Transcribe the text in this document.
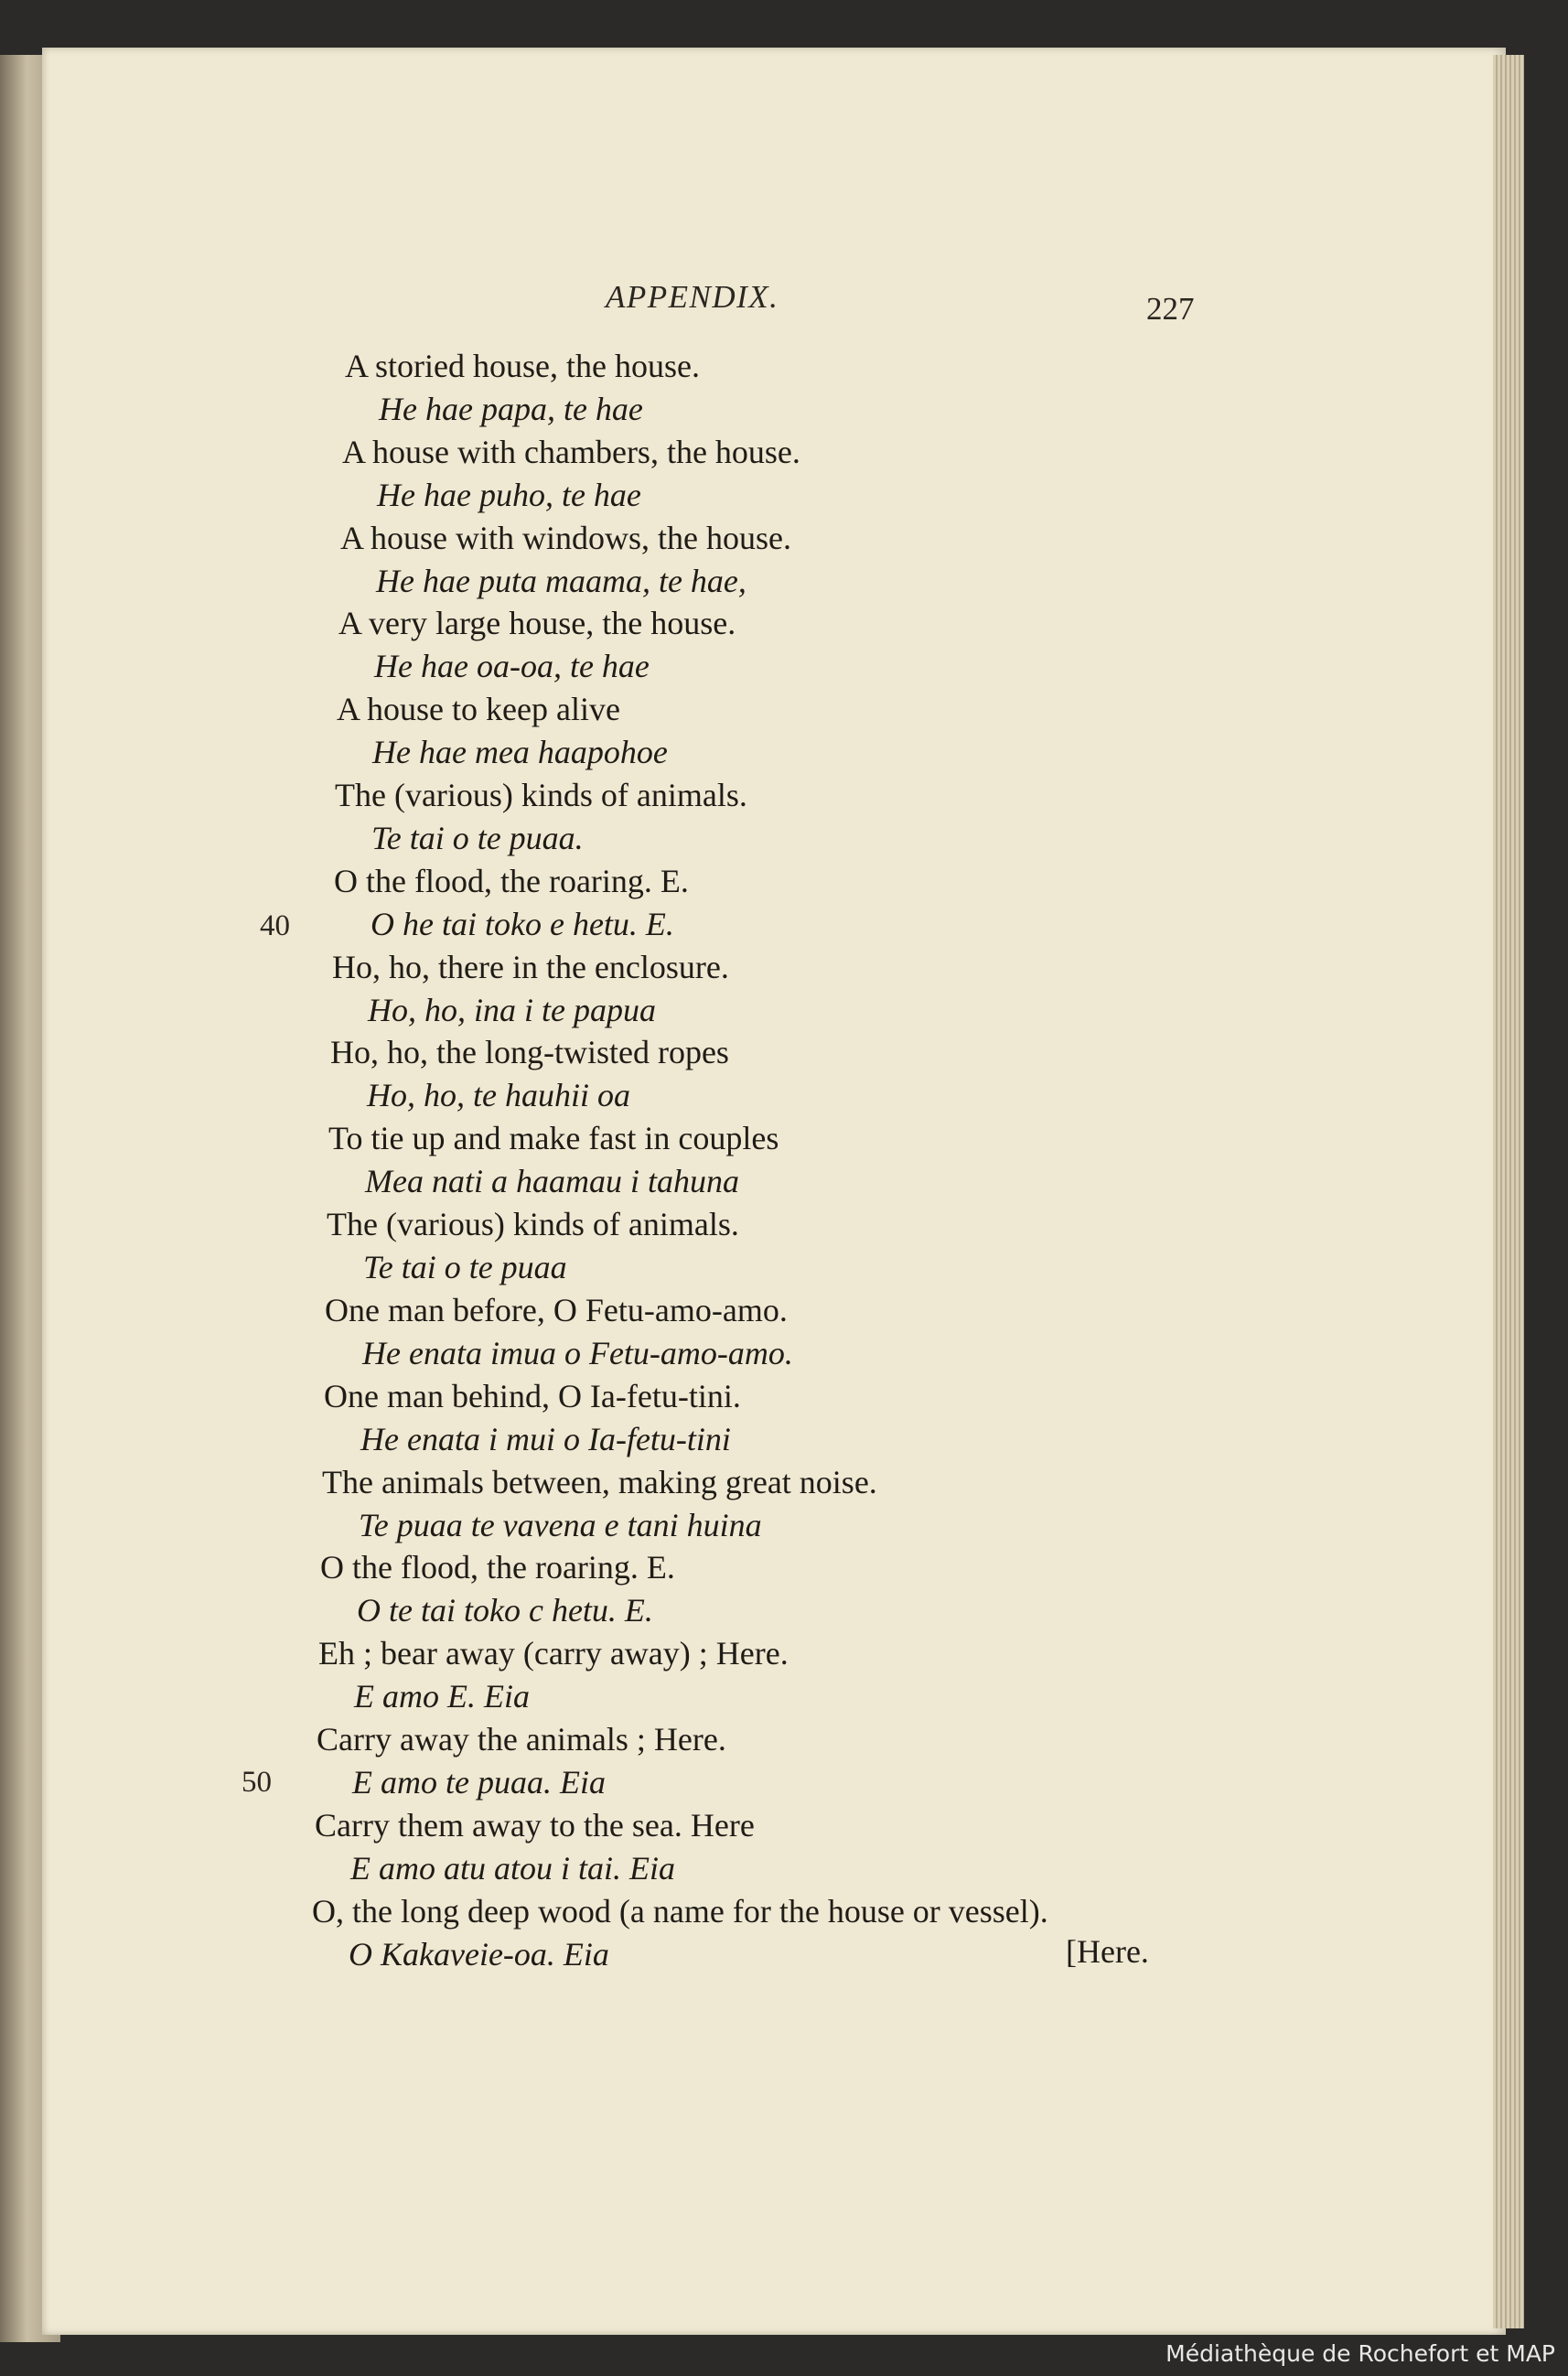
APPENDIX.	227
A storied house, the house.
He hae papa, te hae
A house with chambers, the house.
He hae puho, te hae
A house with windows, the house.
He hae puta maama, te hae,
A very large house, the house.
He hae oa-oa, te hae
A house to keep alive
He hae mea haapohoe
The (various) kinds of animals.
Te tai o te puaa.
O the flood, the roaring. E.
O he tai toko e hetu. E.
Ho, ho, there in the enclosure.
Ho, ho, ina i te papua
Ho, ho, the long-twisted ropes
Ho, ho, te hauhii oa
To tie up and make fast in couples
Mea nati a haamau i tahuna
The (various) kinds of animals.
Te tai o te puaa
One man before, O Fetu-amo-amo.
He enata imua o Fetu-amo-amo.
One man behind, O Ia-fetu-tini.
He enata i mui o Ia-fetu-tini
The animals between, making great noise.
Te puaa te vavena e tani huina
O the flood, the roaring. E.
O te tai toko c hetu. E.
Eh ; bear away (carry away) ; Here.
E amo E. Eia
Carry away the animals ; Here.
E amo te puaa. Eia
Carry them away to the sea. Here
E amo atu atou i tai. Eia
O, the long deep wood (a name for the house or vessel).
O Kakaveie-oa. Eia
40
50
[Here.
Médiathèque de Rochefort et MAP
